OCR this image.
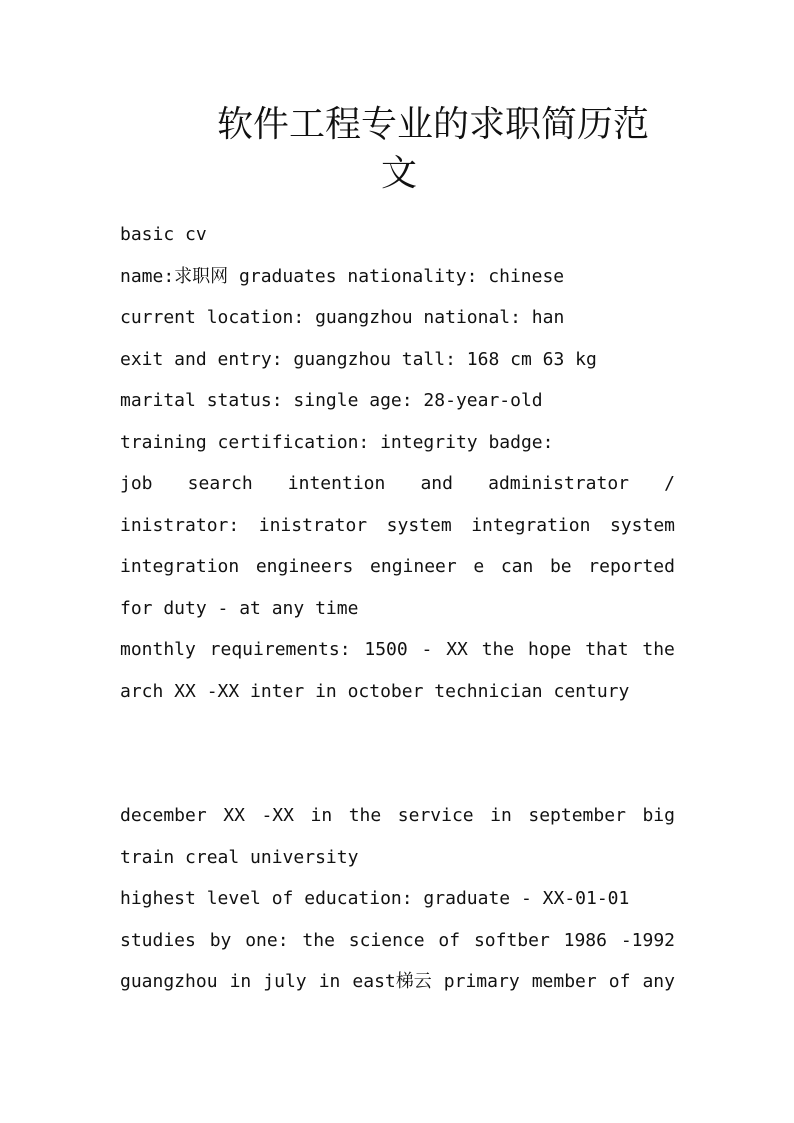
软件工程专业的求职简历范
文
basic cv
name:求职网 graduates nationality: chinese
current location: guangzhou national: han
exit and entry: guangzhou tall: 168 cm 63 kg
marital status: single age: 28-year-old
training certification: integrity badge:
job search intention and administrator /
inistrator: inistrator system integration system
integration engineers engineer e can be reported
for duty - at any time
monthly requirements: 1500 - XX the hope that the
arch XX -XX inter in october technician century
december XX -XX in the service in september big
train creal university
highest level of education: graduate - XX-01-01
studies by one: the science of softber 1986 -1992
guangzhou in july in east梯云 primary member of any
